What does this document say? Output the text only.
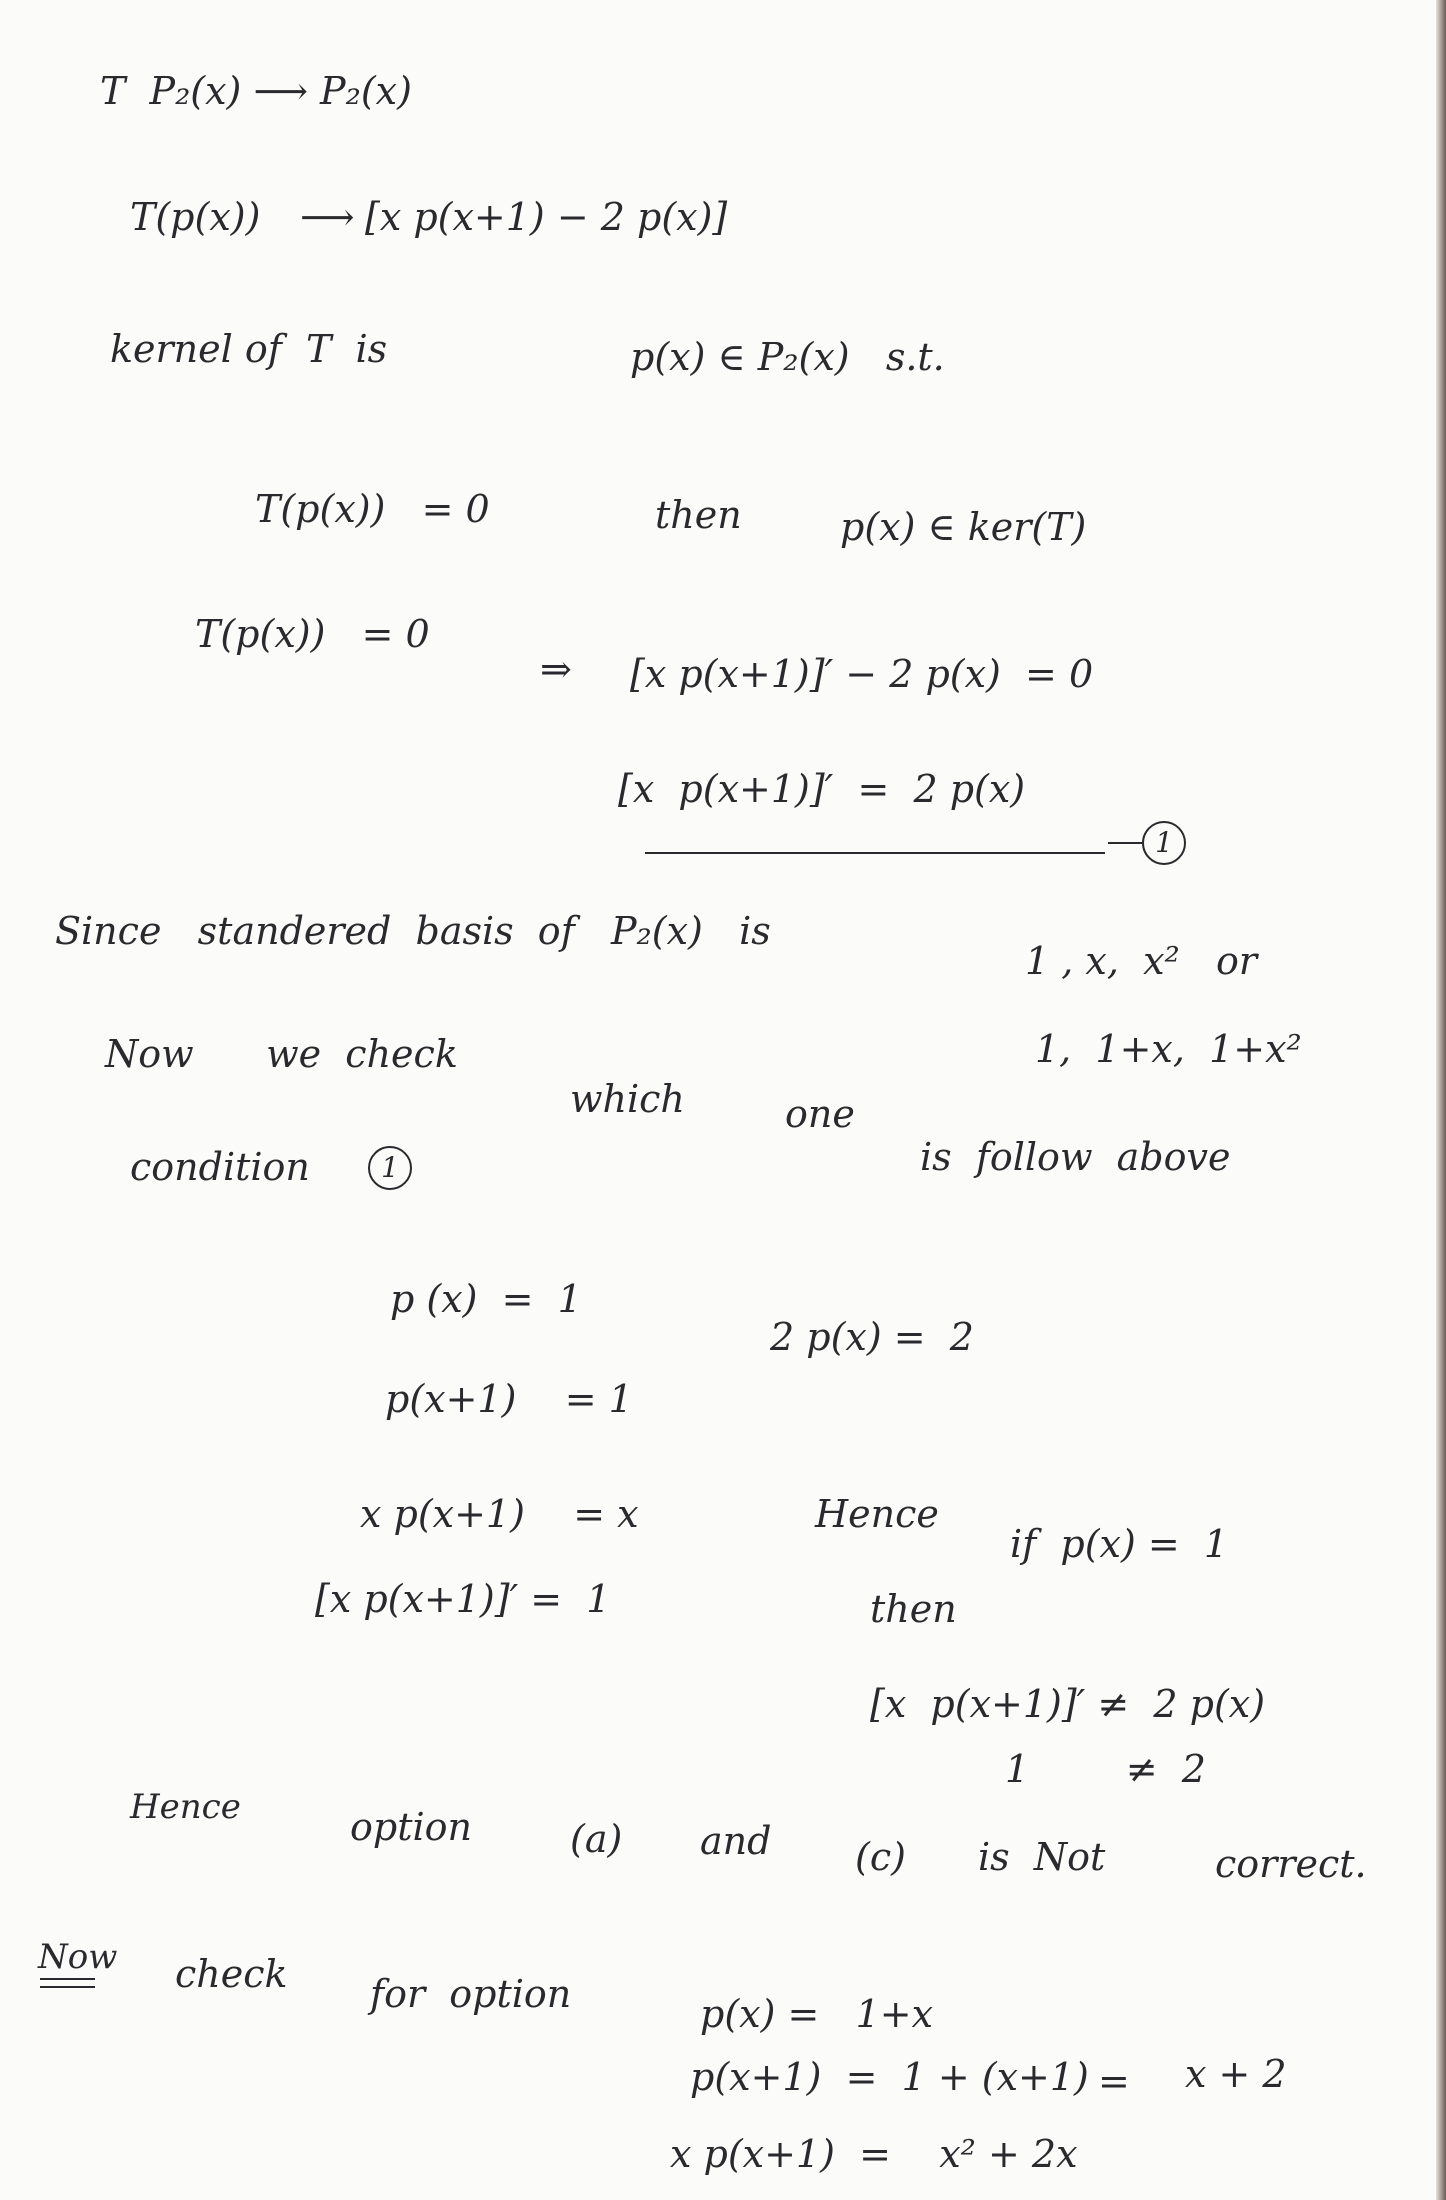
T  P₂(x) ⟶ P₂(x)
T(p(x)) ⟶ [x p(x+1) − 2 p(x)]
kernel of  T  is	p(x) ∈ P₂(x)   s.t.
T(p(x))   = 0	then	p(x) ∈ ker(T)
T(p(x))   = 0
⇒ [x p(x+1)]′ − 2 p(x)  = 0
[x  p(x+1)]′  =  2 p(x)
1
Since   standered  basis  of   P₂(x)   is
1 , x,  x²   or
Now      we  check	1,  1+x,  1+x²
which	one
is  follow  above
condition	1
p (x)  =  1
2 p(x) =  2
p(x+1)    = 1
x p(x+1)    = x	Hence
if  p(x) =  1
[x p(x+1)]′ =  1	then
[x  p(x+1)]′ ≠  2 p(x)
1        ≠  2
Hence	option	(a) and (c) is  Not	correct.
Now check for  option	p(x) =   1+x
p(x+1)  =  1 + (x+1) = x + 2
x p(x+1)  =    x² + 2x
